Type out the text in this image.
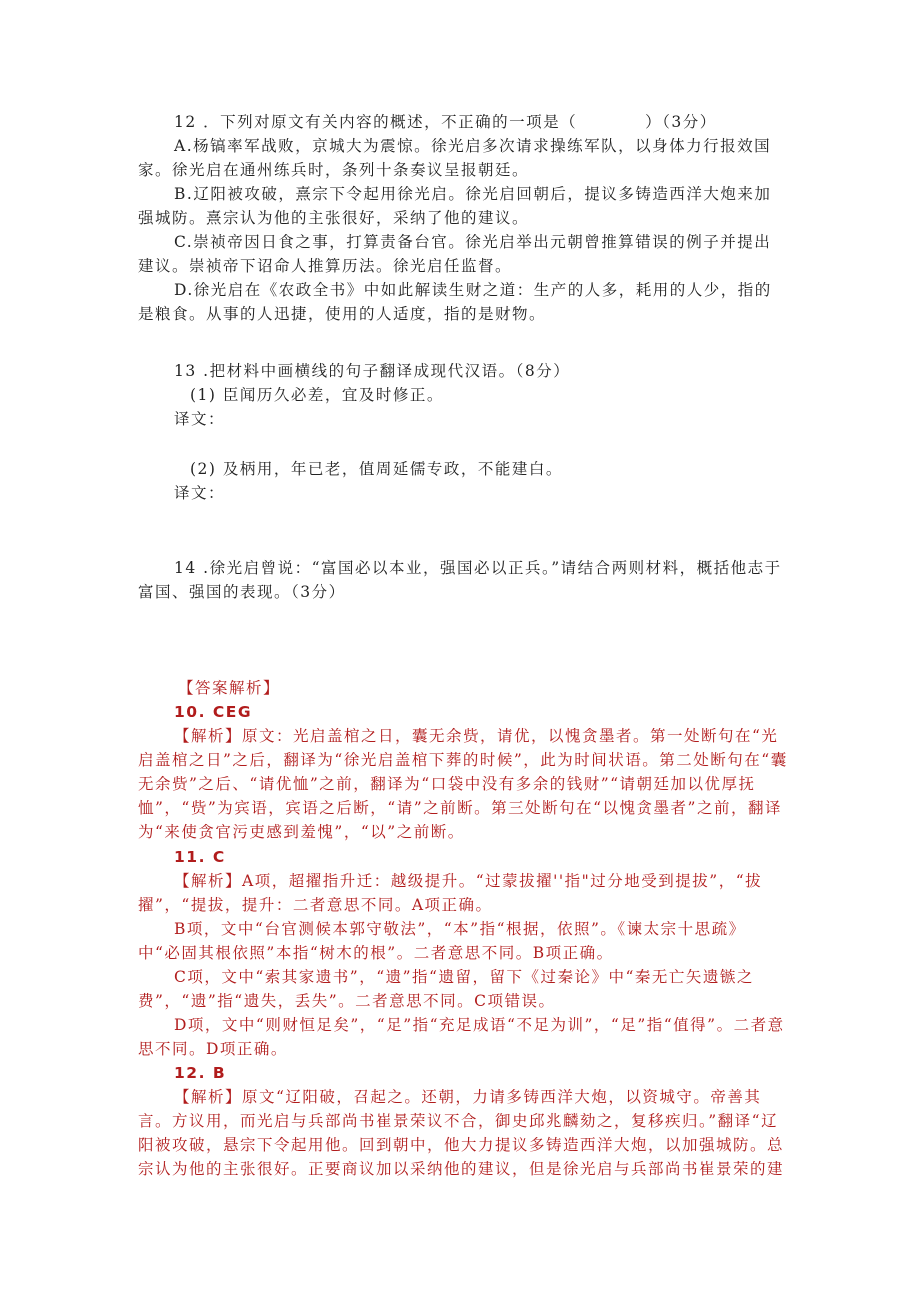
12 ．下列对原文有关内容的概述，不正确的一项是（　　　　）（3分）

A.杨镐率军战败，京城大为震惊。徐光启多次请求操练军队，以身体力行报效国家。徐光启在通州练兵时，条列十条奏议呈报朝廷。

B.辽阳被攻破，熹宗下令起用徐光启。徐光启回朝后，提议多铸造西洋大炮来加强城防。熹宗认为他的主张很好，采纳了他的建议。

C.崇祯帝因日食之事，打算责备台官。徐光启举出元朝曾推算错误的例子并提出建议。崇祯帝下诏命人推算历法。徐光启任监督。

D.徐光启在《农政全书》中如此解读生财之道：生产的人多，耗用的人少，指的是粮食。从事的人迅捷，使用的人适度，指的是财物。

13 .把材料中画横线的句子翻译成现代汉语。（8分）

(1) 臣闻历久必差，宜及时修正。

译文：

(2) 及柄用，年已老，值周延儒专政，不能建白。

译文：

14 .徐光启曾说：“富国必以本业，强国必以正兵。”请结合两则材料，概括他志于富国、强国的表现。（3分）

【答案解析】

10. CEG

【解析】原文：光启盖棺之日，囊无余赀，请优，以愧贪墨者。第一处断句在“光启盖棺之日”之后，翻译为“徐光启盖棺下葬的时候”，此为时间状语。第二处断句在“囊无余赀”之后、“请优恤”之前，翻译为“口袋中没有多余的钱财”“请朝廷加以优厚抚恤”，“赀”为宾语，宾语之后断，“请”之前断。第三处断句在“以愧贪墨者”之前，翻译为“来使贪官污吏感到羞愧”，“以”之前断。

11. C

【解析】A项，超擢指升迁：越级提升。“过蒙拔擢''指"过分地受到提拔”，“拔擢”，“提拔，提升：二者意思不同。A项正确。

B项，文中“台官测候本郭守敬法”，“本”指“根据，依照”。《谏太宗十思疏》中“必固其根依照”本指“树木的根”。二者意思不同。B项正确。

C项，文中“索其家遗书”，“遗”指“遗留，留下《过秦论》中“秦无亡矢遗镞之费”，“遗”指“遗失，丢失”。二者意思不同。C项错误。

D项，文中“则财恒足矣”，“足”指“充足成语“不足为训”，“足”指“值得”。二者意思不同。D项正确。

12. B

【解析】原文“辽阳破，召起之。还朝，力请多铸西洋大炮，以资城守。帝善其言。方议用，而光启与兵部尚书崔景荣议不合，御史邱兆麟劾之，复移疾归。”翻译“辽阳被攻破，悬宗下令起用他。回到朝中，他大力提议多铸造西洋大炮，以加强城防。总宗认为他的主张很好。正要商议加以采纳他的建议，但是徐光启与兵部尚书崔景荣的建
